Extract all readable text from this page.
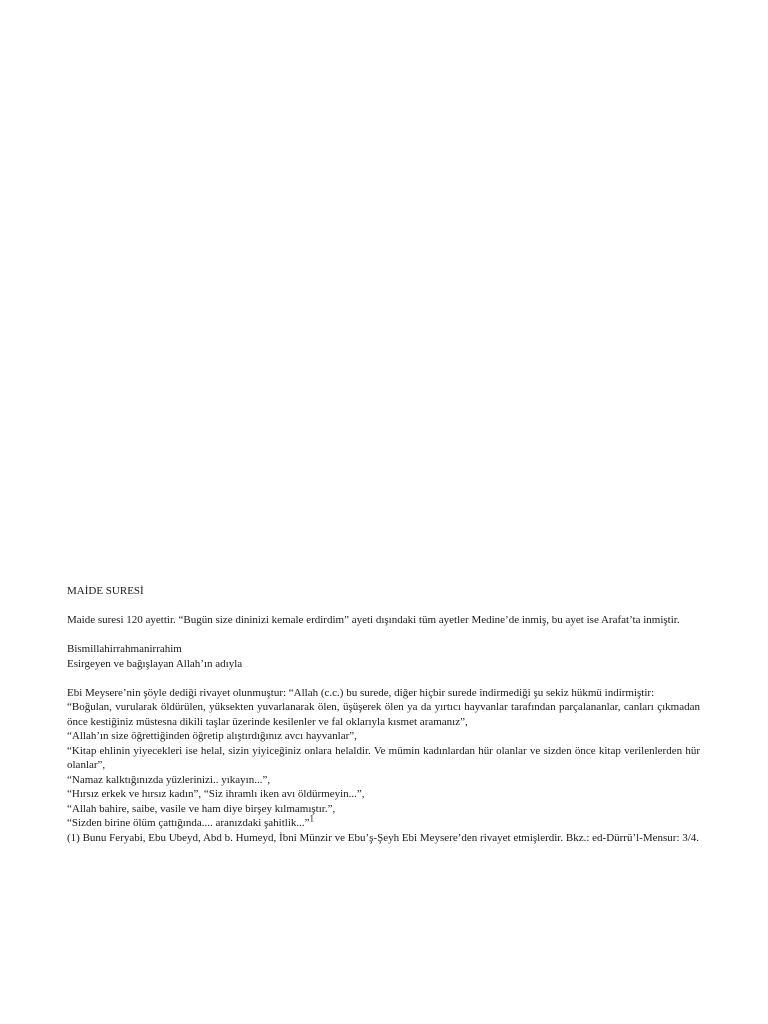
MAİDE SURESİ

Maide suresi 120 ayettir. “Bugün size dininizi kemale erdirdim” ayeti dışındaki tüm ayetler Medine’de inmiş, bu ayet ise Arafat’ta inmiştir.

Bismillahirrahmanirrahim

Esirgeyen ve bağışlayan Allah’ın adıyla

Ebi Meysere’nin şöyle dediği rivayet olunmuştur: “Allah (c.c.) bu surede, diğer hiçbir surede indirmediği şu sekiz hükmü indirmiştir:

“Boğulan, vurularak öldürülen, yüksekten yuvarlanarak ölen, üşüşerek ölen ya da yırtıcı hayvanlar tarafından parçalananlar, canları çıkmadan önce kestiğiniz müstesna dikili taşlar üzerinde kesilenler ve fal oklarıyla kısmet aramanız”,

“Allah’ın size öğrettiğinden öğretip alıştırdığınız avcı hayvanlar”,

“Kitap ehlinin yiyecekleri ise helal, sizin yiyiceğiniz onlara helaldir. Ve mümin kadınlardan hür olanlar ve sizden önce kitap verilenlerden hür olanlar”,

“Namaz kalktığınızda yüzlerinizi.. yıkayın...”,

“Hırsız erkek ve hırsız kadın”, “Siz ihramlı iken avı öldürmeyin...”,

“Allah bahire, saibe, vasile ve ham diye birşey kılmamıştır.”,

“Sizden birine ölüm çattığında.... aranızdaki şahitlik...”$^1$

(1) Bunu Feryabi, Ebu Ubeyd, Abd b. Humeyd, İbni Münzir ve Ebu’ş-Şeyh Ebi Meysere’den rivayet etmişlerdir. Bkz.: ed-Dürrü’l-Mensur: 3/4.
